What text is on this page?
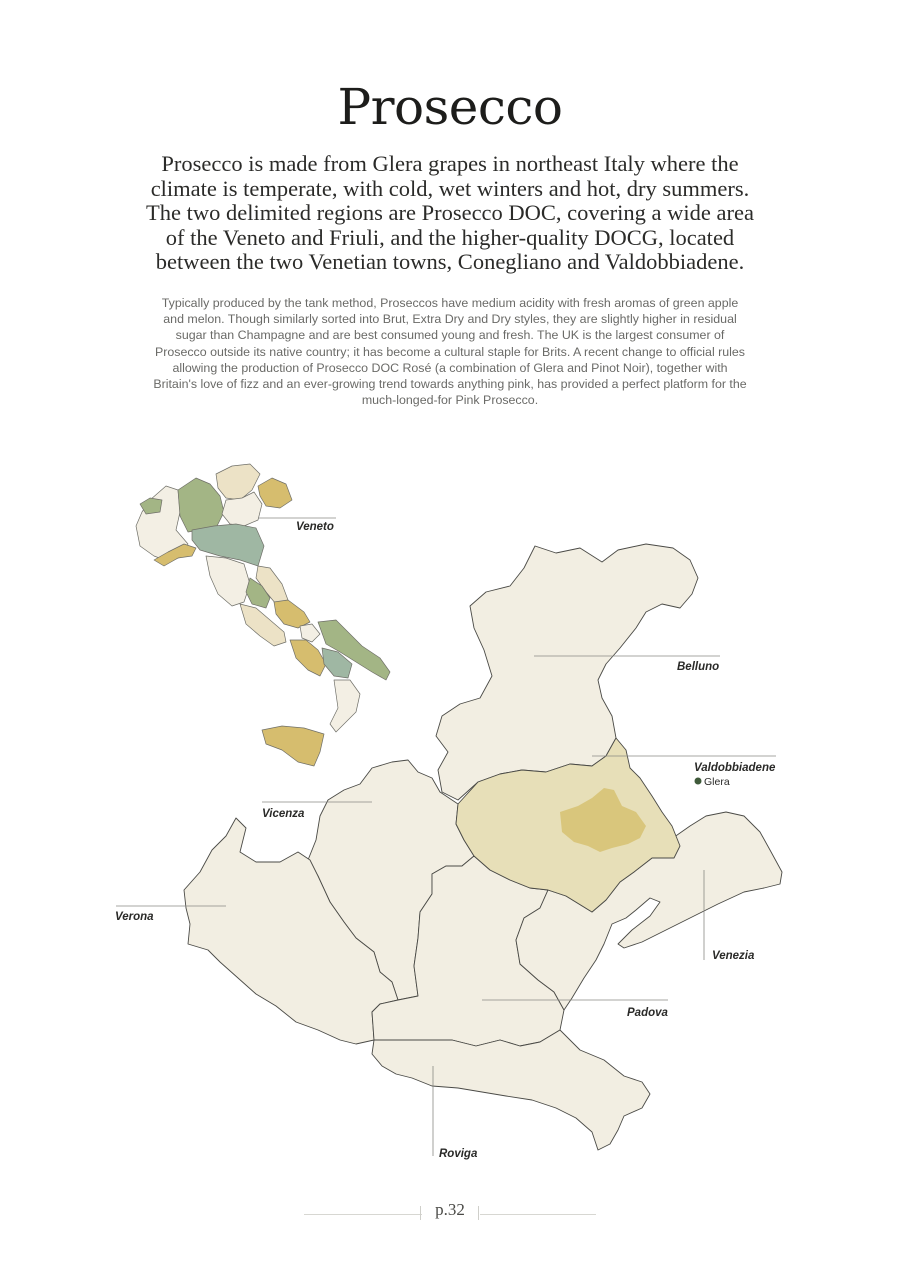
Prosecco

Prosecco is made from Glera grapes in northeast Italy where the climate is temperate, with cold, wet winters and hot, dry summers. The two delimited regions are Prosecco DOC, covering a wide area of the Veneto and Friuli, and the higher-quality DOCG, located between the two Venetian towns, Conegliano and Valdobbiadene.

Typically produced by the tank method, Proseccos have medium acidity with fresh aromas of green apple and melon. Though similarly sorted into Brut, Extra Dry and Dry styles, they are slightly higher in residual sugar than Champagne and are best consumed young and fresh. The UK is the largest consumer of Prosecco outside its native country; it has become a cultural staple for Brits. A recent change to official rules allowing the production of Prosecco DOC Rosé (a combination of Glera and Pinot Noir), together with Britain's love of fizz and an ever-growing trend towards anything pink, has provided a perfect platform for the much-longed-for Pink Prosecco.

Belluno
Valdobbiadene
Glera
Vicenza
Verona
Venezia
Padova
Roviga
Veneto
p.32
